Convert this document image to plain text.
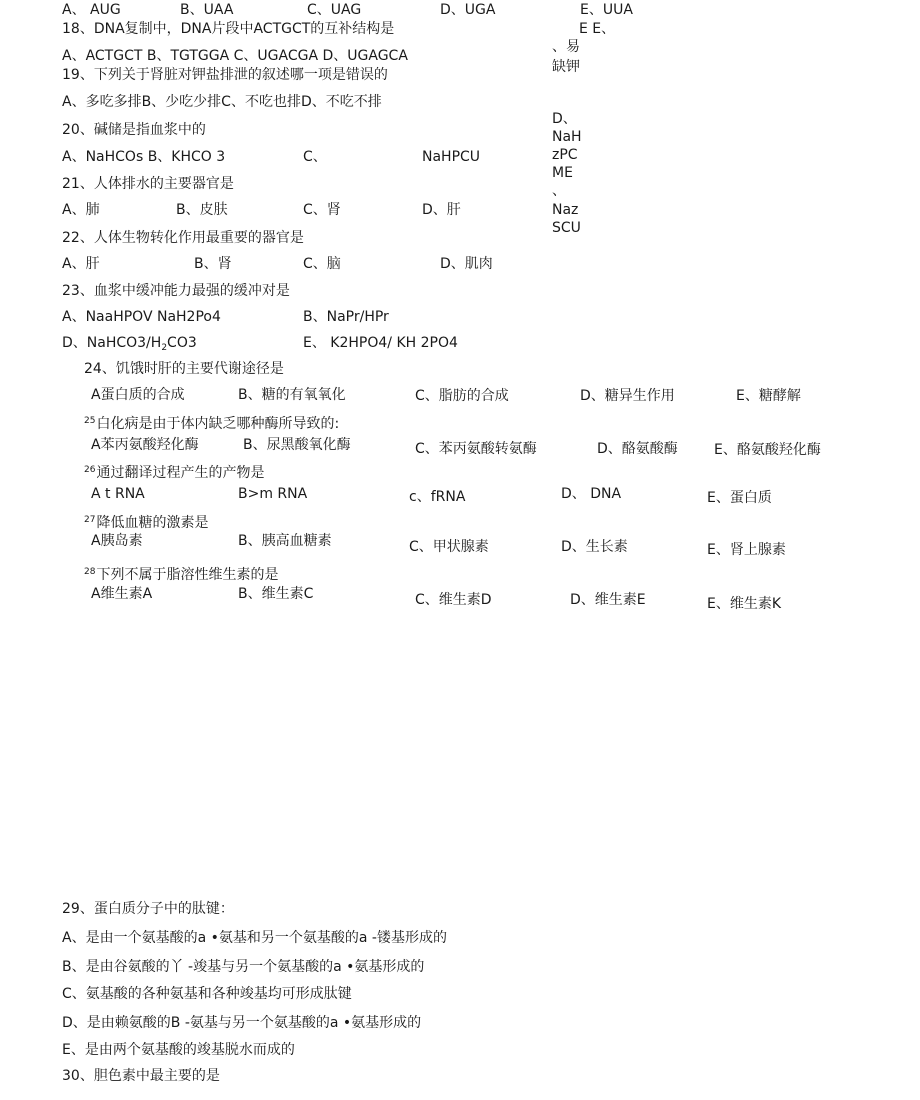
A、 AUG	B、UAA	C、UAG	D、UGA	E、UUA
18、DNA复制中，DNA片段中ACTGCT的互补结构是
A、ACTGCT B、TGTGGA C、UGACGA D、UGAGCA
19、下列关于肾脏对钾盐排泄的叙述哪一项是错误的
A、多吃多排B、少吃少排C、不吃也排D、不吃不排
20、碱储是指血浆中的
A、NaHCOs B、KHCO 3	C、	NaHPCU
21、人体排水的主要器官是
A、肺	B、皮肤	C、肾	D、肝
22、人体生物转化作用最重要的器官是
A、肝	B、肾	C、脑	D、肌肉
23、血浆中缓冲能力最强的缓冲对是
A、NaaHPOV NaH2Po4	B、NaPr/HPr
D、$NaHCO3/H_2CO3$	E、 K2HPO4/ KH 2PO4
E E、
、易
缺钾
D、
NaH
zPC
ME
、
Naz
SCU
24、饥饿时肝的主要代谢途径是
A蛋白质的合成	B、糖的有氧氧化	C、脂肪的合成	D、糖异生作用	E、糖酵解
$^{25}$白化病是由于体内缺乏哪种酶所导致的:
A苯丙氨酸羟化酶	B、尿黑酸氧化酶	C、苯丙氨酸转氨酶	D、酪氨酸酶	E、酪氨酸羟化酶
$^{26}$通过翻译过程产生的产物是
A t RNA	B>m RNA	c、fRNA	D、 DNA	E、蛋白质
$^{27}$降低血糖的激素是
A胰岛素	B、胰高血糖素	C、甲状腺素	D、生长素	E、肾上腺素
$^{28}$下列不属于脂溶性维生素的是
A维生素A	B、维生素C	C、维生素D	D、维生素E	E、维生素K
29、蛋白质分子中的肽键：
A、是由一个氨基酸的a •氨基和另一个氨基酸的a -镂基形成的
B、是由谷氨酸的丫 -竣基与另一个氨基酸的a •氨基形成的
C、氨基酸的各种氨基和各种竣基均可形成肽键
D、是由赖氨酸的B -氨基与另一个氨基酸的a •氨基形成的
E、是由两个氨基酸的竣基脱水而成的
30、胆色素中最主要的是
